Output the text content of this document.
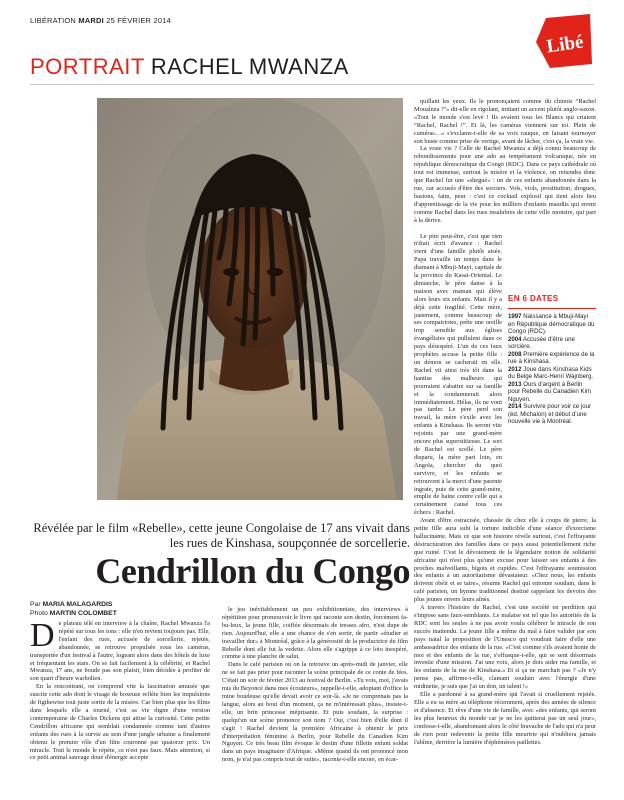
LIBÉRATION MARDI 25 FÉVRIER 2014
Libé
PORTRAIT RACHEL MWANZA

quillant les yeux. Ils le prononçaient comme du chinois “Rachel Mouaînza !”» dit-elle en rigolant, imitant un accent plutôt anglo-saxon. «Tout le monde s'est levé ! Ils avaient tous les Blancs qui criaient “Rachel, Rachel !”. Et là, les caméras viennent sur toi. Plein de caméras…» s'exclame-t-elle de sa voix rauque, en faisant tournoyer son buste comme prise de vertige, avant de lâcher, c'est ça, la vraie vie.

La vraie vie ? Celle de Rachel Mwanza a déjà connu beaucoup de rebondissements pour une ado au tempérament volcanique, née en république démocratique du Congo (RDC). Dans ce pays cathédrale où tout est immense, surtout la misère et la violence, on retiendra donc que Rachel fut une «shegué» : un de ces enfants abandonnés dans la rue, car accusés d'être des sorciers. Vols, viols, prostitution, drogues, bastons, faim, peur : c'est ce cocktail explosif qui tient alors lieu d'apprentissage de la vie pour les milliers d'enfants maudits qui errent comme Rachel dans les rues insalubres de cette ville monstre, qui part à la dérive.

Le pire peut-être, c'est que rien n'était écrit d'avance : Rachel vient d'une famille plutôt aisée. Papa travaille un temps dans le diamant à Mbuji-Mayi, capitale de la province du Kasaï-Oriental. Le dimanche, le père danse à la maison avec maman qui élève alors leurs six enfants. Mais il y a déjà cette fragilité. Cette mère, justement, comme beaucoup de ses compatriotes, prête une oreille trop sensible aux églises évangélistes qui pullulent dans ce pays désespéré. L'un de ces faux prophètes accuse la petite fille : un démon se cacherait en elle. Rachel vit ainsi très tôt dans la hantise des malheurs qui pourraient s'abattre sur sa famille et la condamnerait alors immédiatement. Hélas, ils ne vont pas tarder. Le père perd son travail, la mère s'exile avec les enfants à Kinshasa. Ils seront vite rejoints par une grand-mère encore plus superstitieuse. Le sort de Rachel est scellé. Le père disparu, la mère part loin, en Angola, chercher du quoi survivre, et les enfants se retrouvent à la merci d'une parente ingrate, puis de cette grand-mère, emplie de haine contre celle qui a certainement causé tous ces échecs : Rachel.

Avant d'être ostracisée, chassée de chez elle à coups de pierre, la petite fille aura subi la torture indicible d'une séance d'exorcisme hallucinante. Mais ce que son histoire révèle surtout, c'est l'effrayante déstructuration des familles dans ce pays aussi potentiellement riche que ruiné. C'est le dévoiement de la légendaire notion de solidarité africaine qui n'est plus qu'une excuse pour laisser ses enfants à des proches malveillants, bigots et cupides. C'est l'effrayante soumission des enfants à un autoritarisme dévastateur. «Chez nous, les enfants doivent obéir et se taire», résume Rachel qui entonne soudain, dans le café parisien, un hymne traditionnel destiné rappelant les devoirs des plus jeunes envers leurs aînés.

A travers l'histoire de Rachel, c'est une société en perdition qui s'impose sans faux-semblants. Le malaise est tel que les autorités de la RDC sont les seules à ne pas avoir voulu célébrer le miracle de son succès inattendu. La jeune fille a même du mal à faire valider par son pays natal la proposition de l'Unesco qui voudrait faire d'elle une ambassadrice des enfants de la rue. «C'est comme s'ils avaient honte de moi et des enfants de la rue, s'offusque-t-elle, qui se sent désormais investie d'une mission. J'ai une voix, alors je dois aider ma famille, et les enfants de la rue de Kinshasa.» Et si ça ne marchait pas ? «Je n'y pense pas, affirme-t-elle, clamant soudain avec l'énergie d'une midinette, je suis que j'ai un don, un talent !»

Elle a pardonné à sa grand-mère qui l'avait si cruellement rejetée. Elle a eu sa mère au téléphone récemment, après des années de silence et d'absence. Et rêve d'une vie de famille, avec «des enfants, qui seront les plus heureux du monde car je ne les quitterai pas un seul jour», confesse-t-elle, abandonnant alors le côté bravache de l'ado qui n'a peur de rien pour redevenir la petite fille meurtrie qui n'oubliera jamais l'abîme, derrière la lumière d'éphémères paillettes.

EN 6 DATES
1997 Naissance à Mbuji-Mayi en République démocratique du Congo (RDC).
2004 Accusée d'être une sorcière.
2008 Première expérience de la rue à Kinshasa.
2012 Joue dans Kinshasa Kids du Belge Marc-Henri Wajnberg.
2013 Ours d'argent à Berlin pour Rebelle du Canadien Kim Nguyen.
2014 Survivre pour voir ce jour (éd. Michalon) et début d'une nouvelle vie à Montréal.
Révélée par le film «Rebelle», cette jeune Congolaise de 17 ans vivait dans les rues de Kinshasa, soupçonnée de sorcellerie.
Cendrillon du Congo
Par MARIA MALAGARDIS
Photo MARTIN COLOMBET

De plateau télé en interview à la chaîne, Rachel Mwanza l'a répété sur tous les tons : elle n'en revient toujours pas. Elle, l'enfant des rues, accusée de sorcellerie, rejetée, abandonnée, se retrouve propulsée sous les caméras, transportée d'un festival à l'autre, logeant alors dans des hôtels de luxe et fréquentant les stars. On se fait facilement à la célébrité, et Rachel Mwanza, 17 ans, ne boude pas son plaisir, bien décidée à profiter de son quart d'heure warholien.

En la rencontrant, on comprend vite la fascination amusée que suscite cette ado dont le visage de boxeuse reflète bien les impulsions de figthewise tout juste sortie de la misère. Car bien plus que les films dans lesquels elle a tourné, c'est sa vie digne d'une version contemporaine de Charles Dickens qui attise la curiosité. Cette petite Cendrillon africaine qui semblait condamnée comme tant d'autres enfants des rues à la survie au sein d'une jungle urbaine a finalement obtenu le premier rôle d'un film couronné par quatorze prix. Un miracle. Tout le monde le répète, ce n'est pas faux. Mais attention, si ce petit animal sauvage doué d'énergie accepte

le jeu inévitablement un peu exhibitionniste, des interviews à répétition pour promouvoir le livre qui raconte son destin, forcément fa-bu-leux, la jeune fille, coiffée désormais de tresses afro, n'est dupe de rien. Aujourd'hui, elle a une chance de s'en sortir, de partir «étudier et travailler dur» à Montréal, grâce à la générosité de la productrice du film Rebelle dont elle fut la vedette. Alors elle s'agrippe à ce loto inespéré, comme à une planche de salut.

Dans le café parisien où on la retrouve un après-midi de janvier, elle ne se fait pas prier pour raconter la scène principale de ce conte de fées. C'était un soir de février 2013 au festival de Berlin. «Tu vois, moi, j'avais mis du Beyoncé dans mes écouteurs», rappelle-t-elle, adoptant d'office la mine boudeuse qu'elle devait avoir ce soir-là. «Je ne comprenais pas la langue, alors au bout d'un moment, ça ne m'intéressait plus», insiste-t-elle, un brin princesse méprisante. Et puis soudain, la surprise : quelqu'un sur scène prononce son nom ? Oui, c'est bien d'elle dont il s'agit ! Rachel devient la première Africaine à obtenir le prix d'interprétation féminine à Berlin, pour Rebelle du Canadien Kim Nguyen. Ce très beau film évoque le destin d'une fillette enfant soldat dans un pays imaginaire d'Afrique. «Même quand ils ont prononcé mon nom, je n'ai pas compris tout de suite», raconte-t-elle encore, en écar-
